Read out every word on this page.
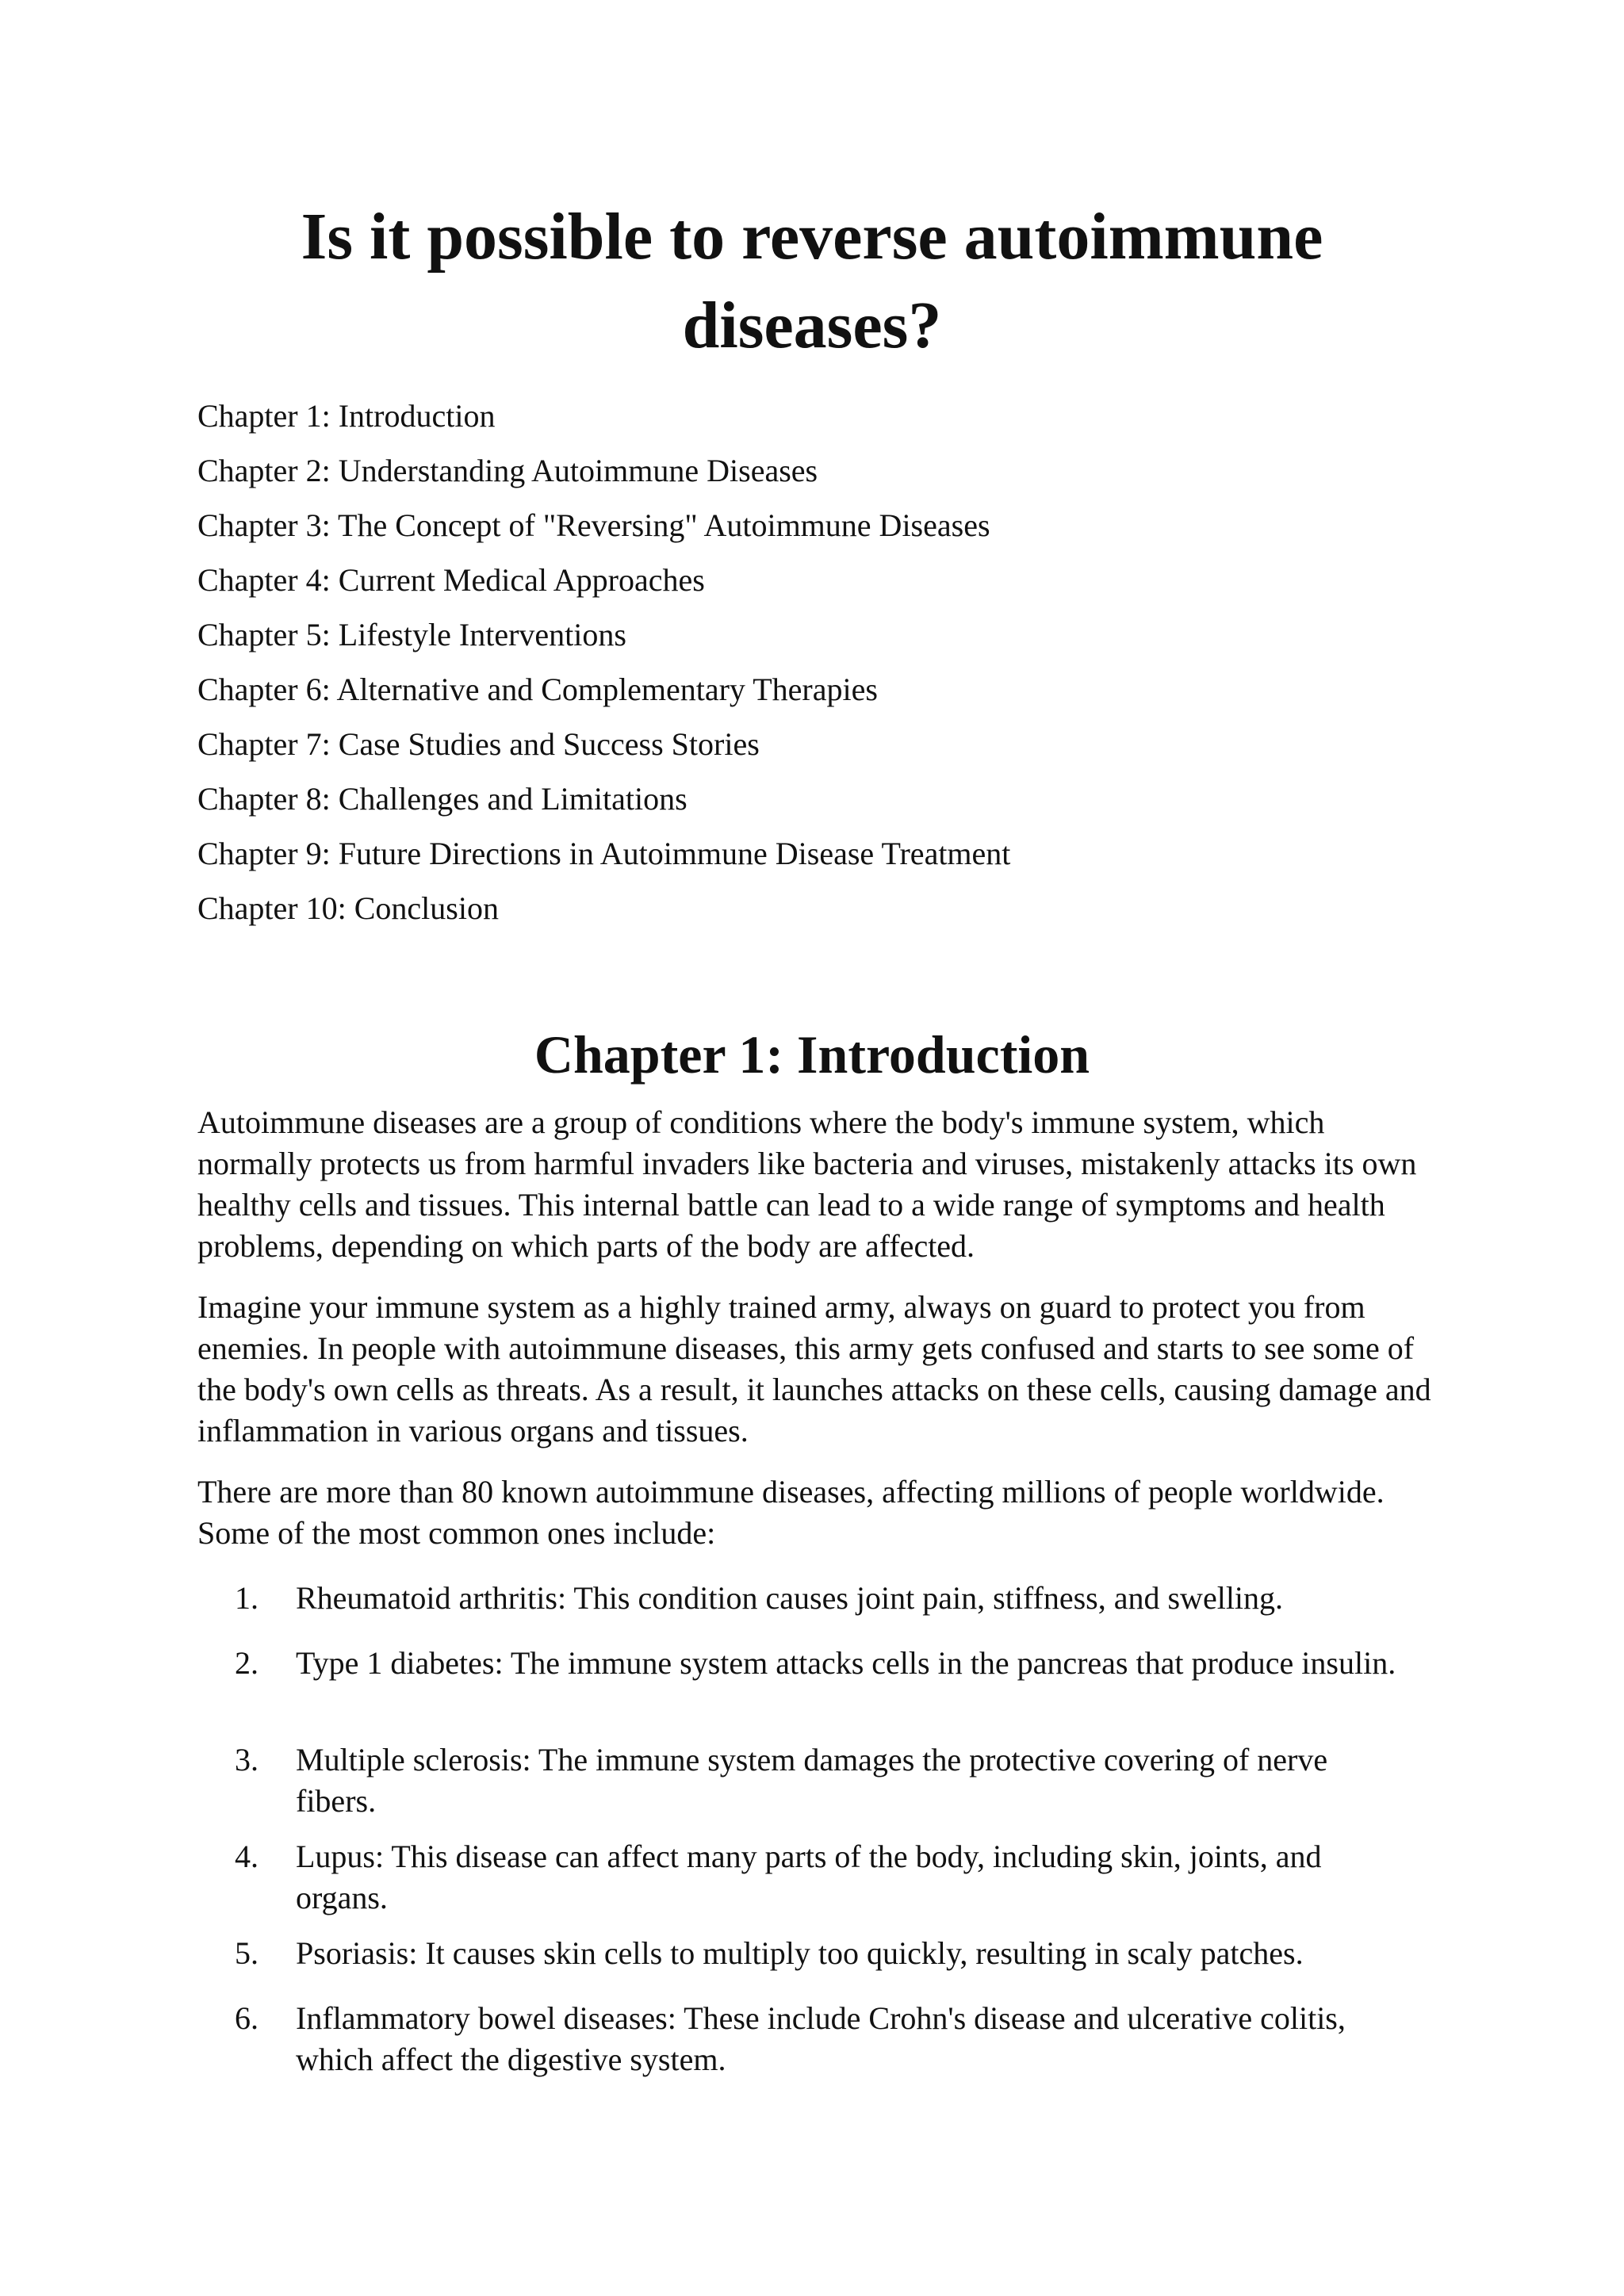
Is it possible to reverse autoimmune diseases?
Chapter 1: Introduction
Chapter 2: Understanding Autoimmune Diseases
Chapter 3: The Concept of "Reversing" Autoimmune Diseases
Chapter 4: Current Medical Approaches
Chapter 5: Lifestyle Interventions
Chapter 6: Alternative and Complementary Therapies
Chapter 7: Case Studies and Success Stories
Chapter 8: Challenges and Limitations
Chapter 9: Future Directions in Autoimmune Disease Treatment
Chapter 10: Conclusion
Chapter 1: Introduction

Autoimmune diseases are a group of conditions where the body's immune system, which normally protects us from harmful invaders like bacteria and viruses, mistakenly attacks its own healthy cells and tissues. This internal battle can lead to a wide range of symptoms and health problems, depending on which parts of the body are affected.

Imagine your immune system as a highly trained army, always on guard to protect you from enemies. In people with autoimmune diseases, this army gets confused and starts to see some of the body's own cells as threats. As a result, it launches attacks on these cells, causing damage and inflammation in various organs and tissues.

There are more than 80 known autoimmune diseases, affecting millions of people worldwide. Some of the most common ones include:

1.	Rheumatoid arthritis: This condition causes joint pain, stiffness, and swelling.
2.	Type 1 diabetes: The immune system attacks cells in the pancreas that produce insulin.
3.	Multiple sclerosis: The immune system damages the protective covering of nerve fibers.
4.	Lupus: This disease can affect many parts of the body, including skin, joints, and organs.
5.	Psoriasis: It causes skin cells to multiply too quickly, resulting in scaly patches.
6.	Inflammatory bowel diseases: These include Crohn's disease and ulcerative colitis, which affect the digestive system.
